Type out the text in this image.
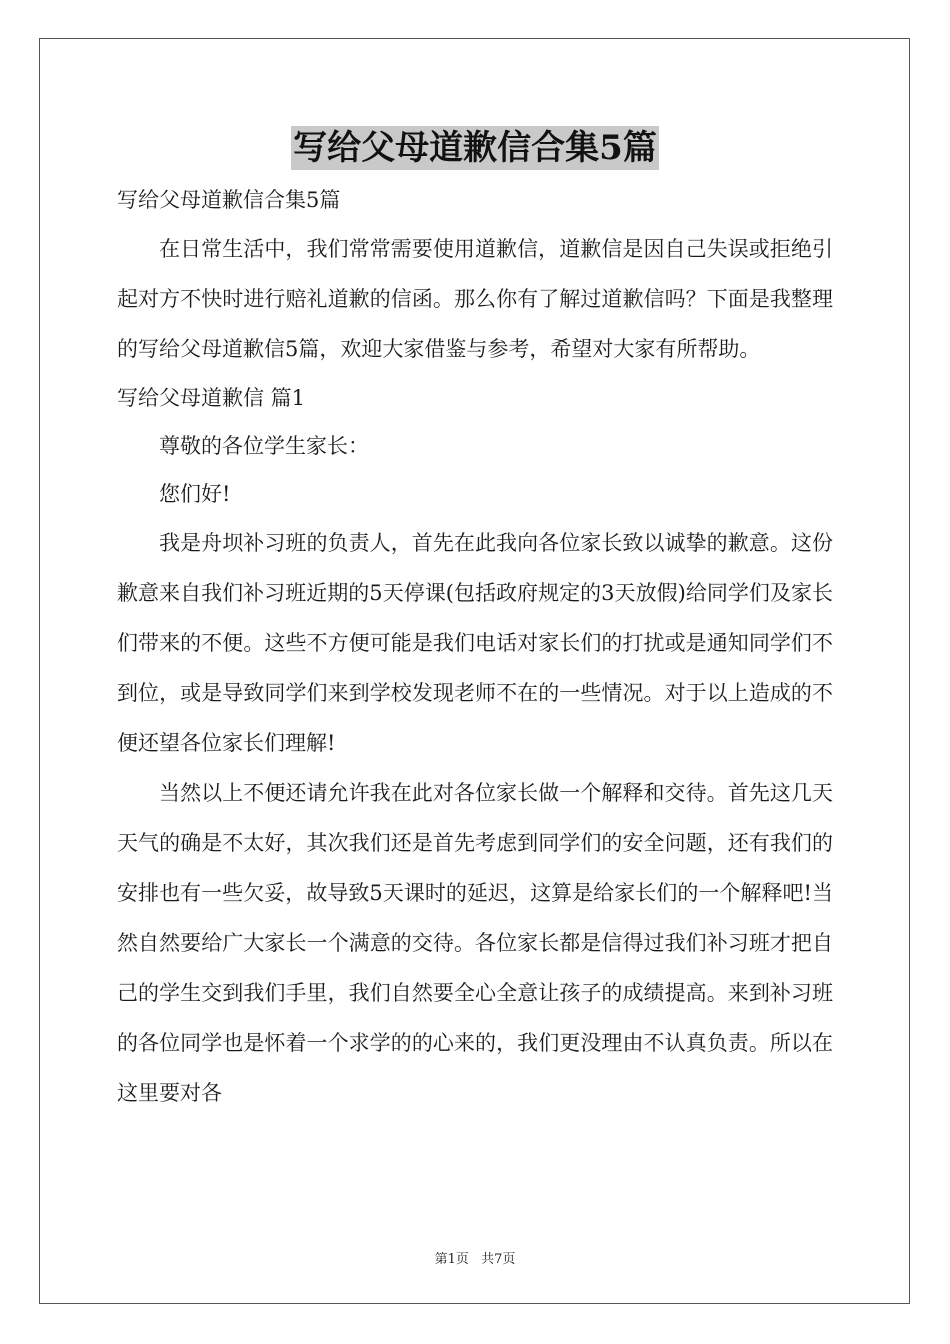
写给父母道歉信合集5篇

写给父母道歉信合集5篇

在日常生活中，我们常常需要使用道歉信，道歉信是因自己失误或拒绝引起对方不快时进行赔礼道歉的信函。那么你有了解过道歉信吗？下面是我整理的写给父母道歉信5篇，欢迎大家借鉴与参考，希望对大家有所帮助。

写给父母道歉信 篇1

尊敬的各位学生家长：

您们好!

我是舟坝补习班的负责人，首先在此我向各位家长致以诚挚的歉意。这份歉意来自我们补习班近期的5天停课(包括政府规定的3天放假)给同学们及家长们带来的不便。这些不方便可能是我们电话对家长们的打扰或是通知同学们不到位，或是导致同学们来到学校发现老师不在的一些情况。对于以上造成的不便还望各位家长们理解!

当然以上不便还请允许我在此对各位家长做一个解释和交待。首先这几天天气的确是不太好，其次我们还是首先考虑到同学们的安全问题，还有我们的安排也有一些欠妥，故导致5天课时的延迟，这算是给家长们的一个解释吧!当然自然要给广大家长一个满意的交待。各位家长都是信得过我们补习班才把自己的学生交到我们手里，我们自然要全心全意让孩子的成绩提高。来到补习班的各位同学也是怀着一个求学的的心来的，我们更没理由不认真负责。所以在这里要对各

第1页 共7页
